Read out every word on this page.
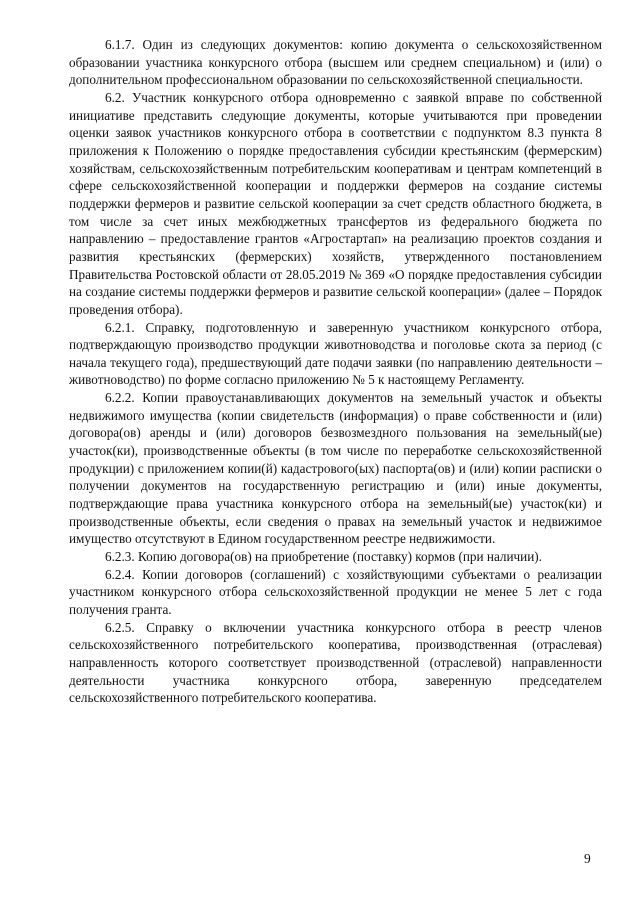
6.1.7. Один из следующих документов: копию документа о сельскохозяйственном образовании участника конкурсного отбора (высшем или среднем специальном) и (или) о дополнительном профессиональном образовании по сельскохозяйственной специальности.

6.2. Участник конкурсного отбора одновременно с заявкой вправе по собственной инициативе представить следующие документы, которые учитываются при проведении оценки заявок участников конкурсного отбора в соответствии с подпунктом 8.3 пункта 8 приложения к Положению о порядке предоставления субсидии крестьянским (фермерским) хозяйствам, сельскохозяйственным потребительским кооперативам и центрам компетенций в сфере сельскохозяйственной кооперации и поддержки фермеров на создание системы поддержки фермеров и развитие сельской кооперации за счет средств областного бюджета, в том числе за счет иных межбюджетных трансфертов из федерального бюджета по направлению – предоставление грантов «Агростартап» на реализацию проектов создания и развития крестьянских (фермерских) хозяйств, утвержденного постановлением Правительства Ростовской области от 28.05.2019 № 369 «О порядке предоставления субсидии на создание системы поддержки фермеров и развитие сельской кооперации» (далее – Порядок проведения отбора).

6.2.1. Справку, подготовленную и заверенную участником конкурсного отбора, подтверждающую производство продукции животноводства и поголовье скота за период (с начала текущего года), предшествующий дате подачи заявки (по направлению деятельности – животноводство) по форме согласно приложению № 5 к настоящему Регламенту.

6.2.2. Копии правоустанавливающих документов на земельный участок и объекты недвижимого имущества (копии свидетельств (информация) о праве собственности и (или) договора(ов) аренды и (или) договоров безвозмездного пользования на земельный(ые) участок(ки), производственные объекты (в том числе по переработке сельскохозяйственной продукции) с приложением копии(й) кадастрового(ых) паспорта(ов) и (или) копии расписки о получении документов на государственную регистрацию и (или) иные документы, подтверждающие права участника конкурсного отбора на земельный(ые) участок(ки) и производственные объекты, если сведения о правах на земельный участок и недвижимое имущество отсутствуют в Едином государственном реестре недвижимости.

6.2.3. Копию договора(ов) на приобретение (поставку) кормов (при наличии).

6.2.4. Копии договоров (соглашений) с хозяйствующими субъектами о реализации участником конкурсного отбора сельскохозяйственной продукции не менее 5 лет с года получения гранта.

6.2.5. Справку о включении участника конкурсного отбора в реестр членов сельскохозяйственного потребительского кооператива, производственная (отраслевая) направленность которого соответствует производственной (отраслевой) направленности деятельности участника конкурсного отбора, заверенную председателем сельскохозяйственного потребительского кооператива.

9
